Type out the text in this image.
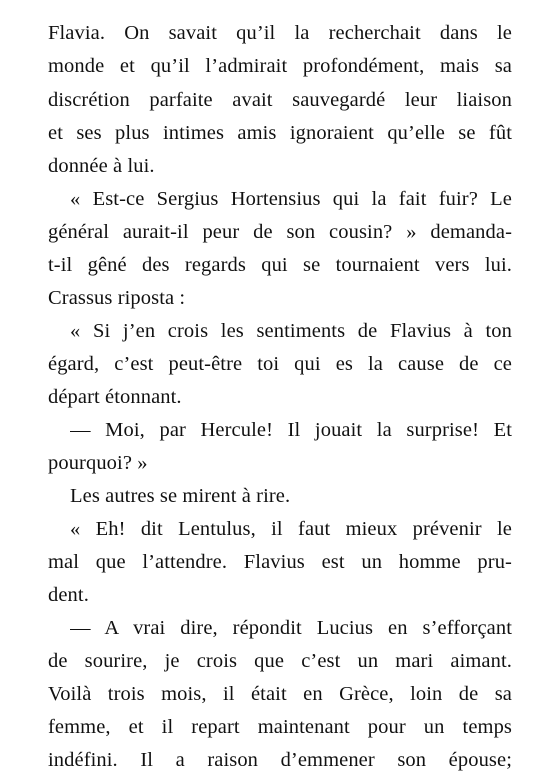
Flavia. On savait qu’il la recherchait dans le
monde et qu’il l’admirait profondément, mais sa
discrétion parfaite avait sauvegardé leur liaison
et ses plus intimes amis ignoraient qu’elle se fût
donnée à lui.
« Est-ce Sergius Hortensius qui la fait fuir? Le
général aurait-il peur de son cousin? » demanda-
t-il gêné des regards qui se tournaient vers lui.
Crassus riposta :
« Si j’en crois les sentiments de Flavius à ton
égard, c’est peut-être toi qui es la cause de ce
départ étonnant.
— Moi, par Hercule! Il jouait la surprise! Et
pourquoi? »
Les autres se mirent à rire.
« Eh! dit Lentulus, il faut mieux prévenir le
mal que l’attendre. Flavius est un homme pru-
dent.
— A vrai dire, répondit Lucius en s’efforçant
de sourire, je crois que c’est un mari aimant.
Voilà trois mois, il était en Grèce, loin de sa
femme, et il repart maintenant pour un temps
indéfini. Il a raison d’emmener son épouse;
